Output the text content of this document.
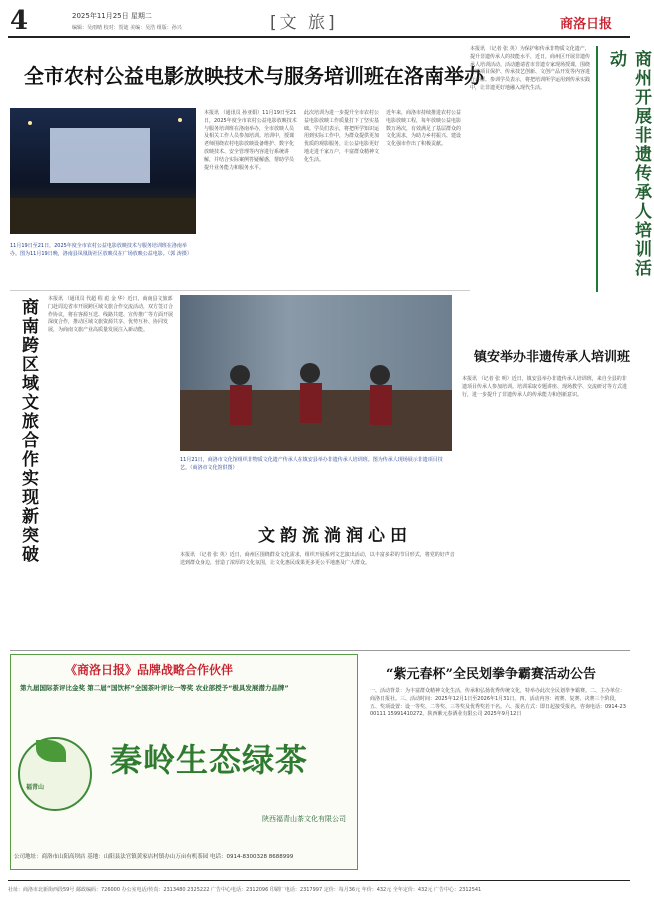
4	2025年11月25日 星期二
编辑：吴雨晴 校对：贺迪 美编：吴浩 组版：孙兴	[文 旅]	商洛日报
全市农村公益电影放映技术与服务培训班在洛南举办
11月19日至21日，2025年度全市农村公益电影放映技术与服务培训班在洛南举办。图为11月19日晚，洛南县凤凰街社区放映员在广场放映公益电影。（郭 涛摄）
本报讯 （通讯员 孙亚娟）11月19日至21日，2025年度全市农村公益电影放映技术与服务培训班在洛南举办，全市放映人员及相关工作人员参加培训。培训中，授课老师围绕农村电影放映设备维护、数字化放映技术、安全管理等内容进行系统讲解，并结合实际案例答疑解惑，帮助学员提升业务能力和服务水平。
此次培训为进一步提升全市农村公益电影放映工作质量打下了坚实基础。学员们表示，将把所学知识运用到实际工作中，为群众提供更加优质的观影服务，让公益电影更好地走进千家万户，丰富群众精神文化生活。
近年来，商洛市持续推进农村公益电影放映工程，每年放映公益电影数万场次，有效满足了基层群众的文化需求，为助力乡村振兴、建设文化强市作出了积极贡献。
本报讯 （记者 张 英）为保护和传承非物质文化遗产，提升非遗传承人的技能水平，近日，商州区开展非遗传承人培训活动。活动邀请省市非遗专家现场授课，围绕非遗项目保护、传承技艺创新、文创产品开发等内容进行讲解。参训学员表示，将把培训所学运用到传承实践中，让非遗更好地融入现代生活。	商州开展非遗传承人培训活动
商南跨区域文旅合作实现新突破	本报讯 （通讯员 代超 程 彪 金 华）近日，商南县文旅部门赴周边省市开展跨区域文旅合作交流活动，双方签订合作协议，将在客源互送、线路共建、宣传推广等方面开展深度合作，推动区域文旅资源共享、优势互补、协同发展，为商南文旅产业高质量发展注入新动能。
11月21日，商洛市文化馆组织非物质文化遗产传承人在镇安县举办非遗传承人培训班。图为传承人现场展示非遗项目技艺。（商洛市文化馆供图）
镇安举办非遗传承人培训班
本报讯 （记者 张 明）近日，镇安县举办非遗传承人培训班，来自全县的非遗项目传承人参加培训。培训采取专题讲座、现场教学、交流研讨等方式进行，进一步提升了非遗传承人的传承能力和创新意识。
文韵流淌润心田
本报讯 （记者 张 英）近日，商州区围绕群众文化需求，组织开展系列文艺演出活动，以丰富多彩的节目形式，将党的好声音送到群众身边，营造了浓厚的文化氛围，让文化惠民成果更多更公平地惠及广大群众。
《商洛日报》品牌战略合作伙伴
第九届国际茶评比金奖 第二届“国饮杯”全国茶叶评比一等奖 农业部授予“极具发展潜力品牌”
福青山
秦岭生态绿茶
陕西福青山茶文化有限公司
公司地址：商洛市山阳高坝店 基地：山阳县法官镇黄家店村镇办山万亩有机茶园 电话：0914-8300328 8688999
“紫元春杯”全民划拳争霸赛活动公告
一、活动背景：为丰富群众精神文化生活，传承和弘扬优秀传统文化，特举办此次全民划拳争霸赛。二、主办单位：商洛日报社。三、活动时间：2025年12月1日至2026年1月31日。四、活动内容：初赛、复赛、决赛三个阶段。五、奖项设置：设一等奖、二等奖、三等奖及优秀奖若干名。六、报名方式：即日起接受报名，咨询电话：0914-2300111 15991410272。陕西紫元春酒业有限公司 2025年9月12日
社址：商洛市北新街西段59号 邮政编码：726000 办公室电话/传真：2313480 2325222 广告中心电话：2312096 印刷厂电话：2317997 定价：每月36元 年价：432元 全年定价：432元 广告中心：2312541
